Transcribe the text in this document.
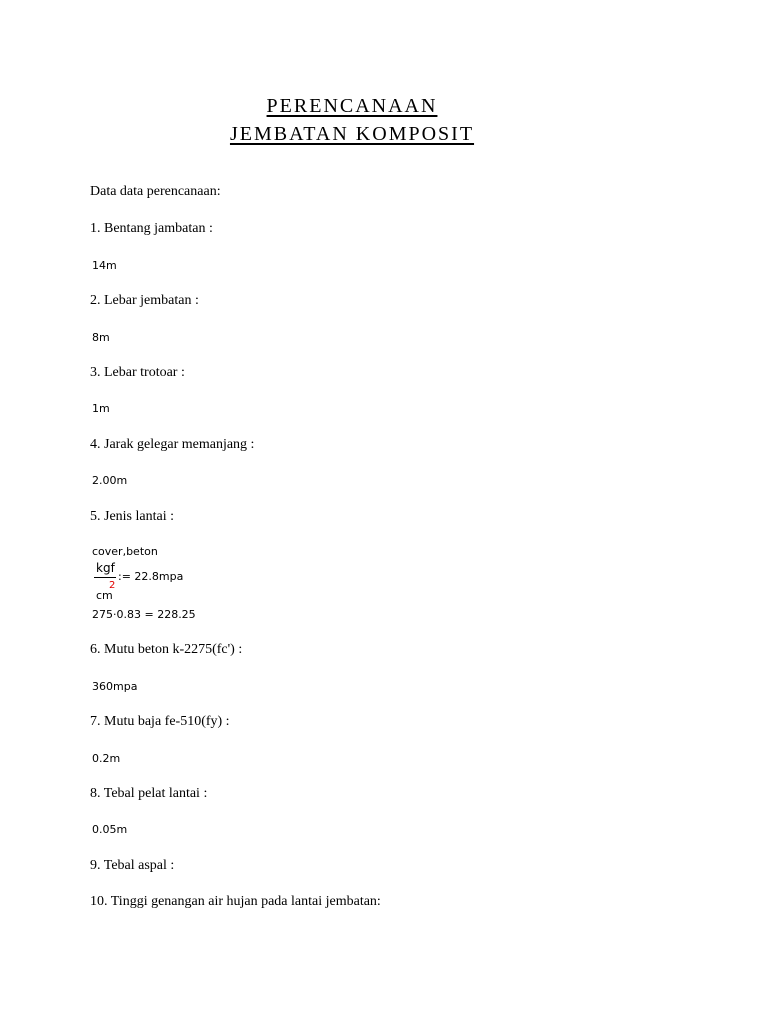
PERENCANAAN
JEMBATAN KOMPOSIT
Data data perencanaan:
1. Bentang jambatan :
14m
2. Lebar jembatan :
8m
3. Lebar trotoar :
1m
4. Jarak gelegar memanjang :
2.00m
5. Jenis lantai :
cover,beton
kgf
cm
2
:= 22.8mpa
275·0.83 = 228.25
6. Mutu beton k-2275(fc') :
360mpa
7. Mutu baja fe-510(fy) :
0.2m
8. Tebal pelat lantai :
0.05m
9. Tebal aspal :
10. Tinggi genangan air hujan pada lantai jembatan:
